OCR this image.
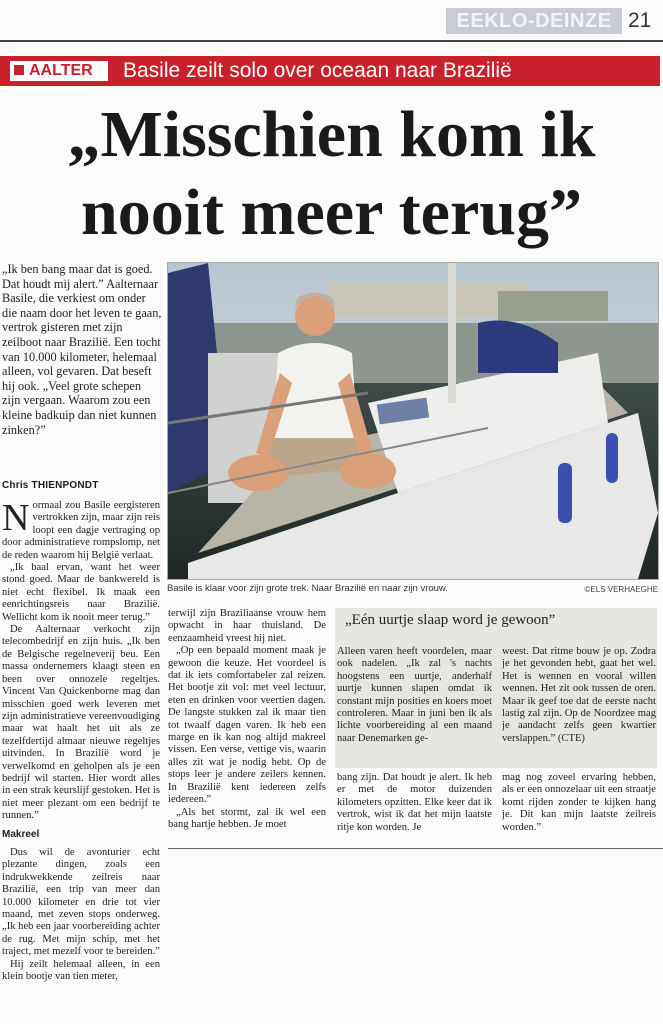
EEKLO-DEINZE 21
AALTER	Basile zeilt solo over oceaan naar Brazilië
„Misschien kom ik
nooit meer terug”
„Ik ben bang maar dat is goed. Dat houdt mij alert.” Aalternaar Basile, die verkiest om onder die naam door het leven te gaan, vertrok gisteren met zijn zeilboot naar Brazilië. Een tocht van 10.000 kilometer, helemaal alleen, vol gevaren. Dat beseft hij ook. „Veel grote schepen zijn vergaan. Waarom zou een kleine badkuip dan niet kunnen zinken?”
Chris THIENPONDT

Normaal zou Basile eergisteren vertrokken zijn, maar zijn reis loopt een dagje vertraging op door administratieve rompslomp, net de reden waarom hij België verlaat.

„Ik baal ervan, want het weer stond goed. Maar de bankwereld is niet echt flexibel. Ik maak een eenrichtingsreis naar Brazilië. Wellicht kom ik nooit meer terug.”

De Aalternaar verkocht zijn telecombedrijf en zijn huis. „Ik ben de Belgische regelneverij beu. Een massa ondernemers klaagt steen en been over onnozele regeltjes. Vincent Van Quickenborne mag dan misschien goed werk leveren met zijn administratieve vereenvoudiging maar wat haalt het uit als ze tezelfdertijd almaar nieuwe regeltjes uitvinden. In Brazilië word je verwelkomd en geholpen als je een bedrijf wil starten. Hier wordt alles in een strak keurslijf gestoken. Het is niet meer plezant om een bedrijf te runnen.”

Makreel

Dus wil de avonturier echt plezante dingen, zoals een indrukwekkende zeilreis naar Brazilië, een trip van meer dan 10.000 kilometer en drie tot vier maand, met zeven stops onderweg. „Ik heb een jaar voorbereiding achter de rug. Met mijn schip, met het traject, met mezelf voor te bereiden.”

Hij zeilt helemaal alleen, in een klein bootje van tien meter,

Basile is klaar voor zijn grote trek. Naar Brazilië en naar zijn vrouw.	©ELS VERHAEGHE

terwijl zijn Braziliaanse vrouw hem opwacht in haar thuisland. De eenzaamheid vreest hij niet.

„Op een bepaald moment maak je gewoon die keuze. Het voordeel is dat ik iets comfortabeler zal reizen. Het bootje zit vol: met veel lectuur, eten en drinken voor veertien dagen. De langste stukken zal ik maar tien tot twaalf dagen varen. Ik heb een marge en ik kan nog altijd makreel vissen. Een verse, vettige vis, waarin alles zit wat je nodig hebt. Op de stops leer je andere zeilers kennen. In Brazilië kent iedereen zelfs iedereen.”

„Als het stormt, zal ik wel een bang hartje hebben. Je moet

„Eén uurtje slaap word je gewoon”
Alleen varen heeft voordelen, maar ook nadelen. „Ik zal 's nachts hoogstens een uurtje, anderhalf uurtje kunnen slapen omdat ik constant mijn posities en koers moet controleren. Maar in juni ben ik als lichte voorbereiding al een maand naar Denemarken ge-
weest. Dat ritme bouw je op. Zodra je het gevonden hebt, gaat het wel. Het is wennen en vooral willen wennen. Het zit ook tussen de oren. Maar ik geef toe dat de eerste nacht lastig zal zijn. Op de Noordzee mag je aandacht zelfs geen kwartier verslappen.” (CTE)
bang zijn. Dat houdt je alert. Ik heb er met de motor duizenden kilometers opzitten. Elke keer dat ik vertrok, wist ik dat het mijn laatste ritje kon worden. Je
mag nog zoveel ervaring hebben, als er een onnozelaar uit een straatje komt rijden zonder te kijken hang je. Dit kan mijn laatste zeilreis worden.”
